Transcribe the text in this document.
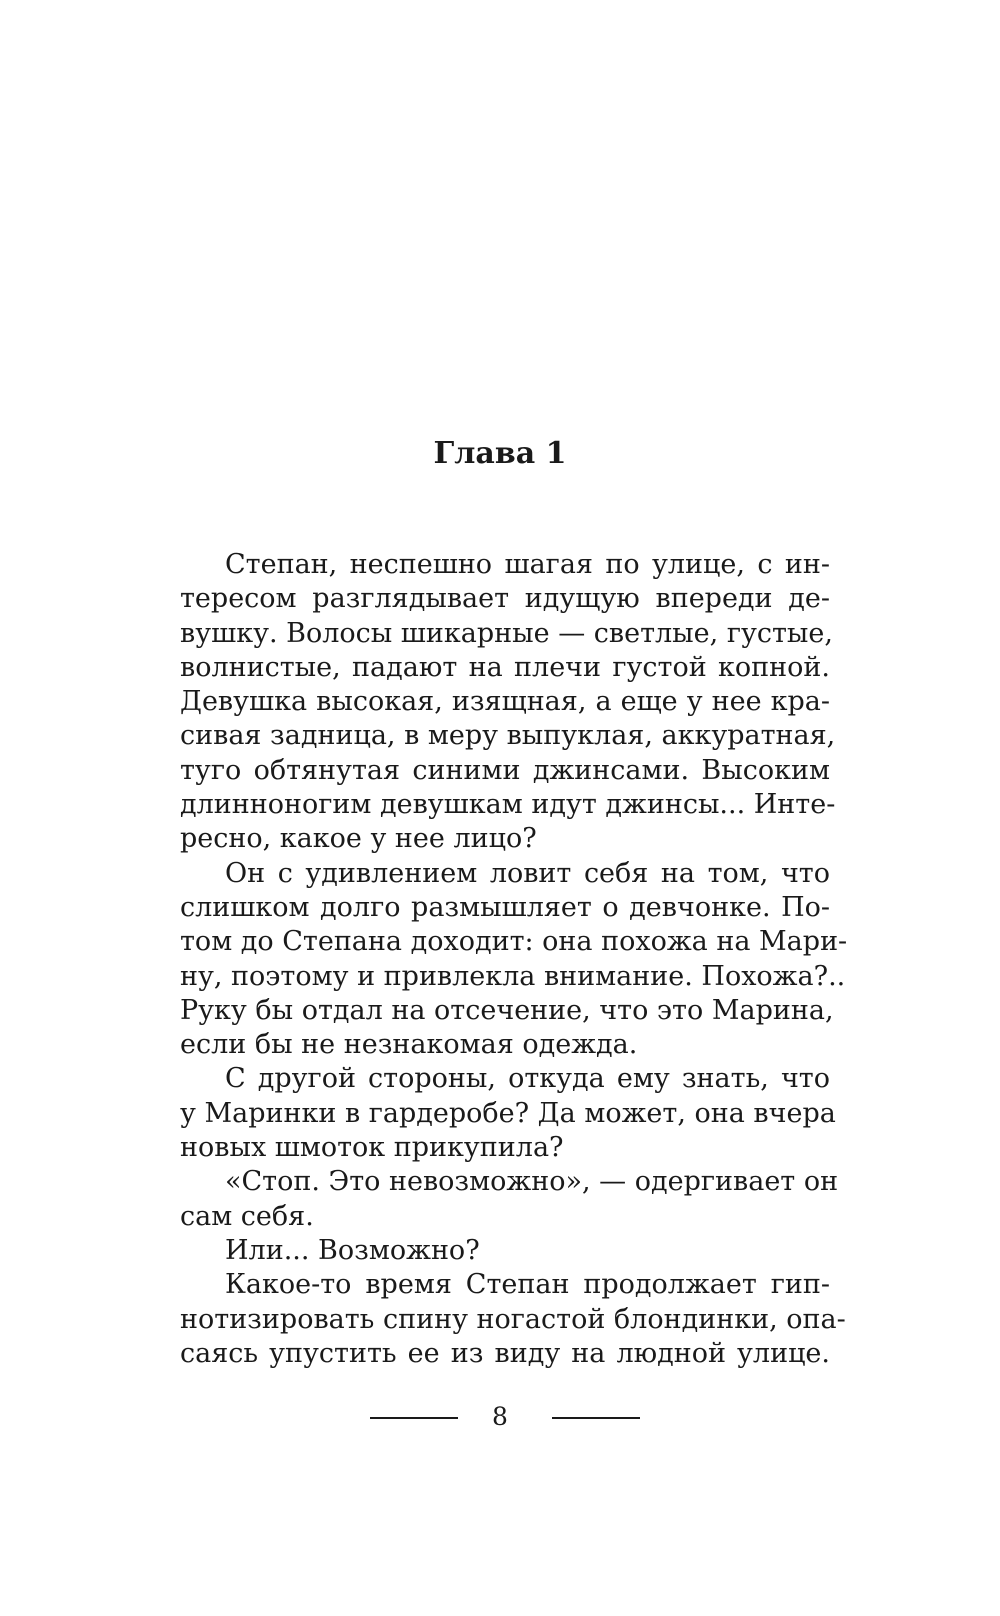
Глава 1
Степан, неспешно шагая по улице, с ин-
тересом разглядывает идущую впереди де-
вушку. Волосы шикарные — светлые, густые,
волнистые, падают на плечи густой копной.
Девушка высокая, изящная, а еще у нее кра-
сивая задница, в меру выпуклая, аккуратная,
туго обтянутая синими джинсами. Высоким
длинноногим девушкам идут джинсы... Инте-
ресно, какое у нее лицо?
Он с удивлением ловит себя на том, что
слишком долго размышляет о девчонке. По-
том до Степана доходит: она похожа на Мари-
ну, поэтому и привлекла внимание. Похожа?..
Руку бы отдал на отсечение, что это Марина,
если бы не незнакомая одежда.
С другой стороны, откуда ему знать, что
у Маринки в гардеробе? Да может, она вчера
новых шмоток прикупила?
«Стоп. Это невозможно», — одергивает он
сам себя.
Или... Возможно?
Какое-то время Степан продолжает гип-
нотизировать спину ногастой блондинки, опа-
саясь упустить ее из виду на людной улице.
8
